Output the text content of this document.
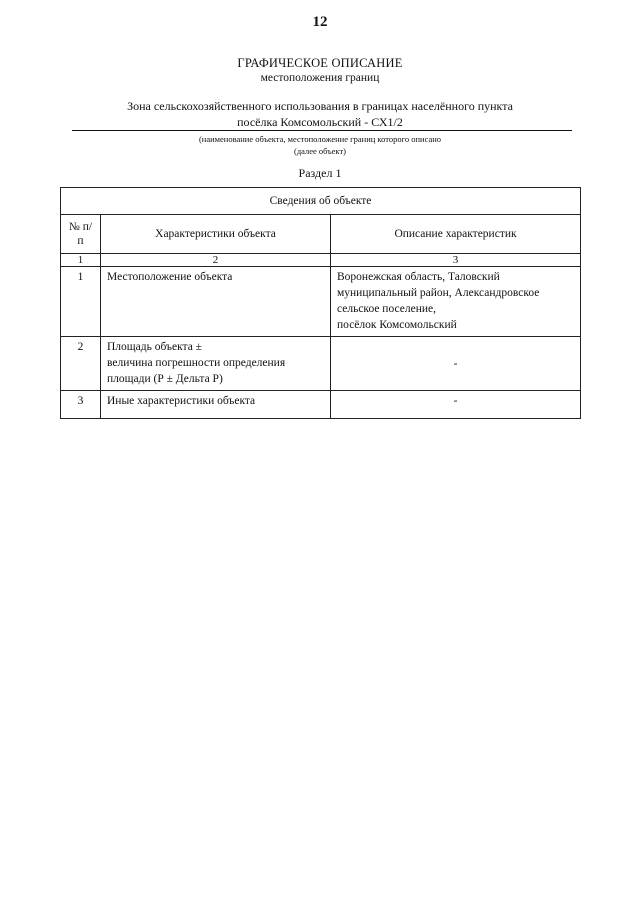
12
ГРАФИЧЕСКОЕ ОПИСАНИЕ
местоположения границ
Зона сельскохозяйственного использования в границах населённого пункта
посёлка Комсомольский - СХ1/2
(наименование объекта, местоположение границ которого описано
(далее объект)
Раздел 1
Сведения об объекте		

№ п/п	Характеристики объекта	Описание характеристик
1	2	3
1	Местоположение объекта	Воронежская область, Таловский
муниципальный район, Александровское
сельское поселение,
посёлок Комсомольский

2	Площадь объекта ±
величина погрешности определения
площади (Р ± Дельта Р)	-

3	Иные характеристики объекта	-
